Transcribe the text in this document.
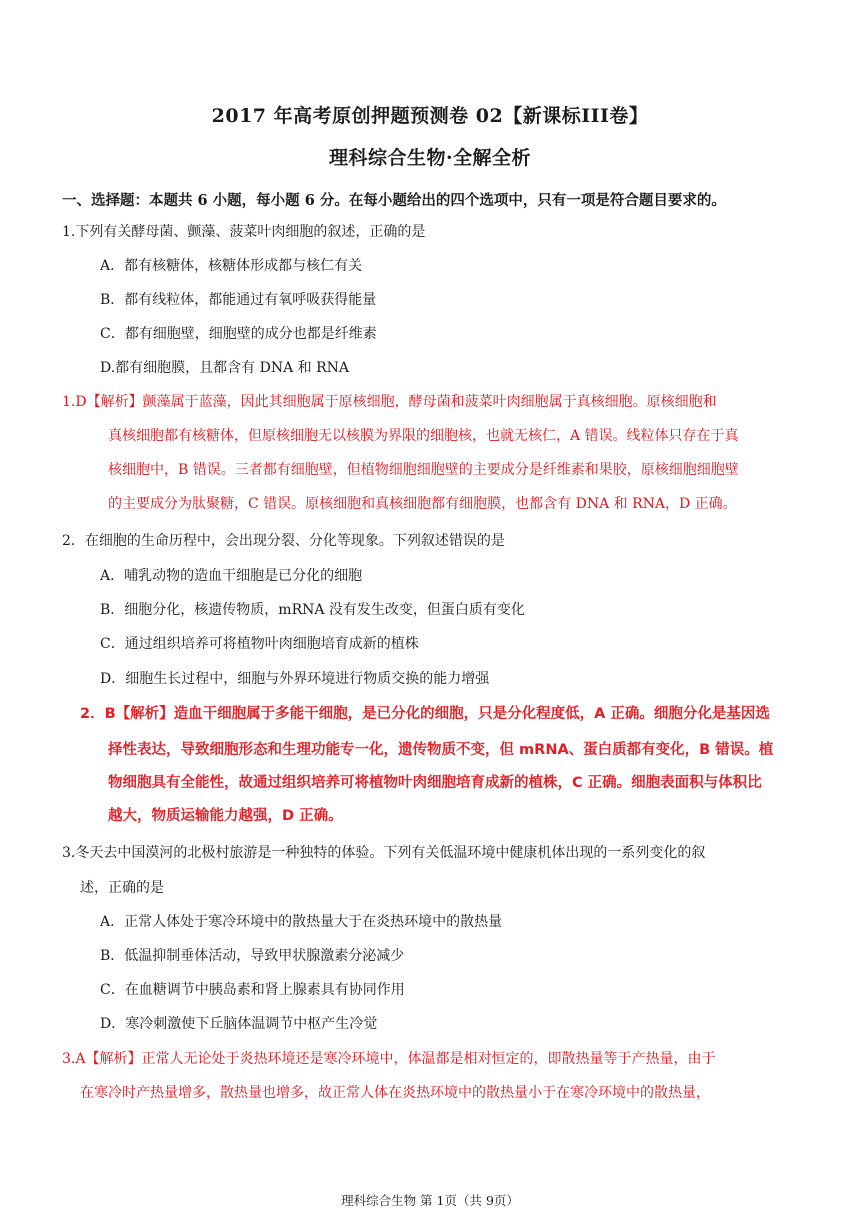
2017 年高考原创押题预测卷 02【新课标III卷】
理科综合生物·全解全析
一、选择题：本题共 6 小题，每小题 6 分。在每小题给出的四个选项中，只有一项是符合题目要求的。
1.下列有关酵母菌、颤藻、菠菜叶肉细胞的叙述，正确的是
A．都有核糖体，核糖体形成都与核仁有关
B．都有线粒体，都能通过有氧呼吸获得能量
C．都有细胞壁，细胞壁的成分也都是纤维素
D.都有细胞膜，且都含有 DNA 和 RNA
1.D【解析】颤藻属于蓝藻，因此其细胞属于原核细胞，酵母菌和菠菜叶肉细胞属于真核细胞。原核细胞和
真核细胞都有核糖体，但原核细胞无以核膜为界限的细胞核，也就无核仁，A 错误。线粒体只存在于真
核细胞中，B 错误。三者都有细胞壁，但植物细胞细胞壁的主要成分是纤维素和果胶，原核细胞细胞壁
的主要成分为肽聚糖，C 错误。原核细胞和真核细胞都有细胞膜，也都含有 DNA 和 RNA，D 正确。
2．在细胞的生命历程中，会出现分裂、分化等现象。下列叙述错误的是
A．哺乳动物的造血干细胞是已分化的细胞
B．细胞分化，核遗传物质，mRNA 没有发生改变，但蛋白质有变化
C．通过组织培养可将植物叶肉细胞培育成新的植株
D．细胞生长过程中，细胞与外界环境进行物质交换的能力增强
2．B【解析】造血干细胞属于多能干细胞，是已分化的细胞，只是分化程度低，A 正确。细胞分化是基因选
择性表达，导致细胞形态和生理功能专一化，遗传物质不变，但 mRNA、蛋白质都有变化，B 错误。植
物细胞具有全能性，故通过组织培养可将植物叶肉细胞培育成新的植株，C 正确。细胞表面积与体积比
越大，物质运输能力越强，D 正确。
3.冬天去中国漠河的北极村旅游是一种独特的体验。下列有关低温环境中健康机体出现的一系列变化的叙
述，正确的是
A．正常人体处于寒冷环境中的散热量大于在炎热环境中的散热量
B．低温抑制垂体活动，导致甲状腺激素分泌减少
C．在血糖调节中胰岛素和肾上腺素具有协同作用
D．寒冷刺激使下丘脑体温调节中枢产生冷觉
3.A【解析】正常人无论处于炎热环境还是寒冷环境中，体温都是相对恒定的，即散热量等于产热量，由于
在寒冷时产热量增多，散热量也增多，故正常人体在炎热环境中的散热量小于在寒冷环境中的散热量，
理科综合生物 第 1页（共 9页）
